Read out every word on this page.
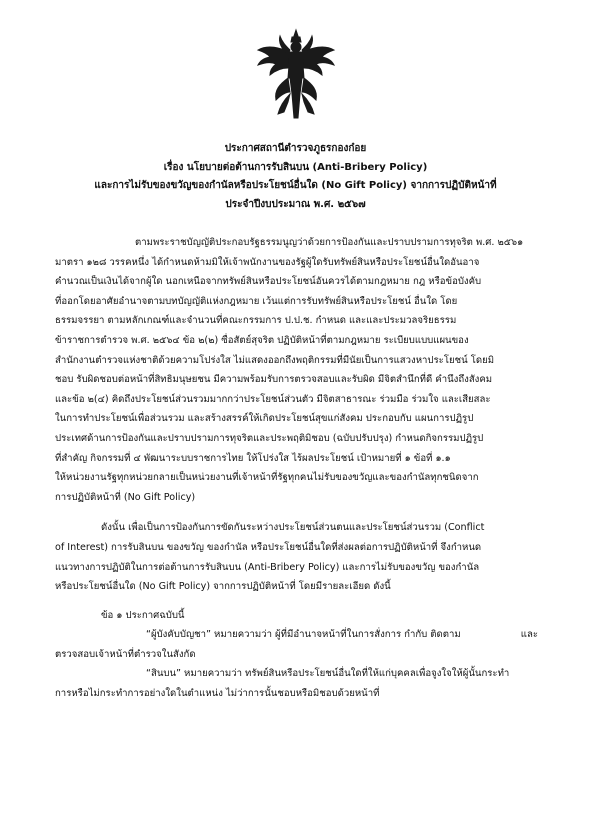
ประกาศสถานีตำรวจภูธรกองก๋อย
เรื่อง นโยบายต่อต้านการรับสินบน (Anti-Bribery Policy)
และการไม่รับของขวัญของกำนัลหรือประโยชน์อื่นใด (No Gift Policy) จากการปฏิบัติหน้าที่
ประจำปีงบประมาณ พ.ศ. ๒๕๖๗
ตามพระราชบัญญัติประกอบรัฐธรรมนูญว่าด้วยการป้องกันและปราบปรามการทุจริต พ.ศ. ๒๕๖๑
มาตรา ๑๒๘ วรรคหนึ่ง ได้กำหนดห้ามมิให้เจ้าพนักงานของรัฐผู้ใดรับทรัพย์สินหรือประโยชน์อื่นใดอันอาจ
คำนวณเป็นเงินได้จากผู้ใด นอกเหนือจากทรัพย์สินหรือประโยชน์อันควรได้ตามกฎหมาย กฎ หรือข้อบังคับ
ที่ออกโดยอาศัยอำนาจตามบทบัญญัติแห่งกฎหมาย เว้นแต่การรับทรัพย์สินหรือประโยชน์ อื่นใด โดย
ธรรมจรรยา ตามหลักเกณฑ์และจำนวนที่คณะกรรมการ ป.ป.ช. กำหนด และและประมวลจริยธรรม
ข้าราชการตำรวจ พ.ศ. ๒๕๖๔ ข้อ ๒(๒) ซื่อสัตย์สุจริต ปฏิบัติหน้าที่ตามกฎหมาย ระเบียบแบบแผนของ
สำนักงานตำรวจแห่งชาติด้วยความโปร่งใส ไม่แสดงออกถึงพฤติกรรมที่มีนัยเป็นการแสวงหาประโยชน์ โดยมิ
ชอบ รับผิดชอบต่อหน้าที่สิทธิมนุษยชน มีความพร้อมรับการตรวจสอบและรับผิด มีจิตสำนึกที่ดี คำนึงถึงสังคม
และข้อ ๒(๔) คิดถึงประโยชน์ส่วนรวมมากกว่าประโยชน์ส่วนตัว มีจิตสาธารณะ ร่วมมือ ร่วมใจ และเสียสละ
ในการทำประโยชน์เพื่อส่วนรวม และสร้างสรรค์ให้เกิดประโยชน์สุขแก่สังคม ประกอบกับ แผนการปฏิรูป
ประเทศด้านการป้องกันและปราบปรามการทุจริตและประพฤติมิชอบ (ฉบับปรับปรุง) กำหนดกิจกรรมปฏิรูป
ที่สำคัญ กิจกรรมที่ ๔ พัฒนาระบบราชการไทย ให้โปร่งใส ไร้ผลประโยชน์ เป้าหมายที่ ๑ ข้อที่ ๑.๑
ให้หน่วยงานรัฐทุกหน่วยกลายเป็นหน่วยงานที่เจ้าหน้าที่รัฐทุกคนไม่รับของขวัญและของกำนัลทุกชนิดจาก
การปฏิบัติหน้าที่ (No Gift Policy)
ดังนั้น เพื่อเป็นการป้องกันการขัดกันระหว่างประโยชน์ส่วนตนและประโยชน์ส่วนรวม (Conflict
of Interest) การรับสินบน ของขวัญ ของกำนัล หรือประโยชน์อื่นใดที่ส่งผลต่อการปฏิบัติหน้าที่ จึงกำหนด
แนวทางการปฏิบัติในการต่อต้านการรับสินบน (Anti-Bribery Policy) และการไม่รับของขวัญ ของกำนัล
หรือประโยชน์อื่นใด (No Gift Policy) จากการปฏิบัติหน้าที่ โดยมีรายละเอียด ดังนี้
ข้อ ๑ ประกาศฉบับนี้
“ผู้บังคับบัญชา” หมายความว่า ผู้ที่มีอำนาจหน้าที่ในการสั่งการ กำกับ ติดตาม	และ
ตรวจสอบเจ้าหน้าที่ตำรวจในสังกัด
“สินบน” หมายความว่า ทรัพย์สินหรือประโยชน์อื่นใดที่ให้แก่บุคคลเพื่อจูงใจให้ผู้นั้นกระทำ
การหรือไม่กระทำการอย่างใดในตำแหน่ง ไม่ว่าการนั้นชอบหรือมิชอบด้วยหน้าที่
